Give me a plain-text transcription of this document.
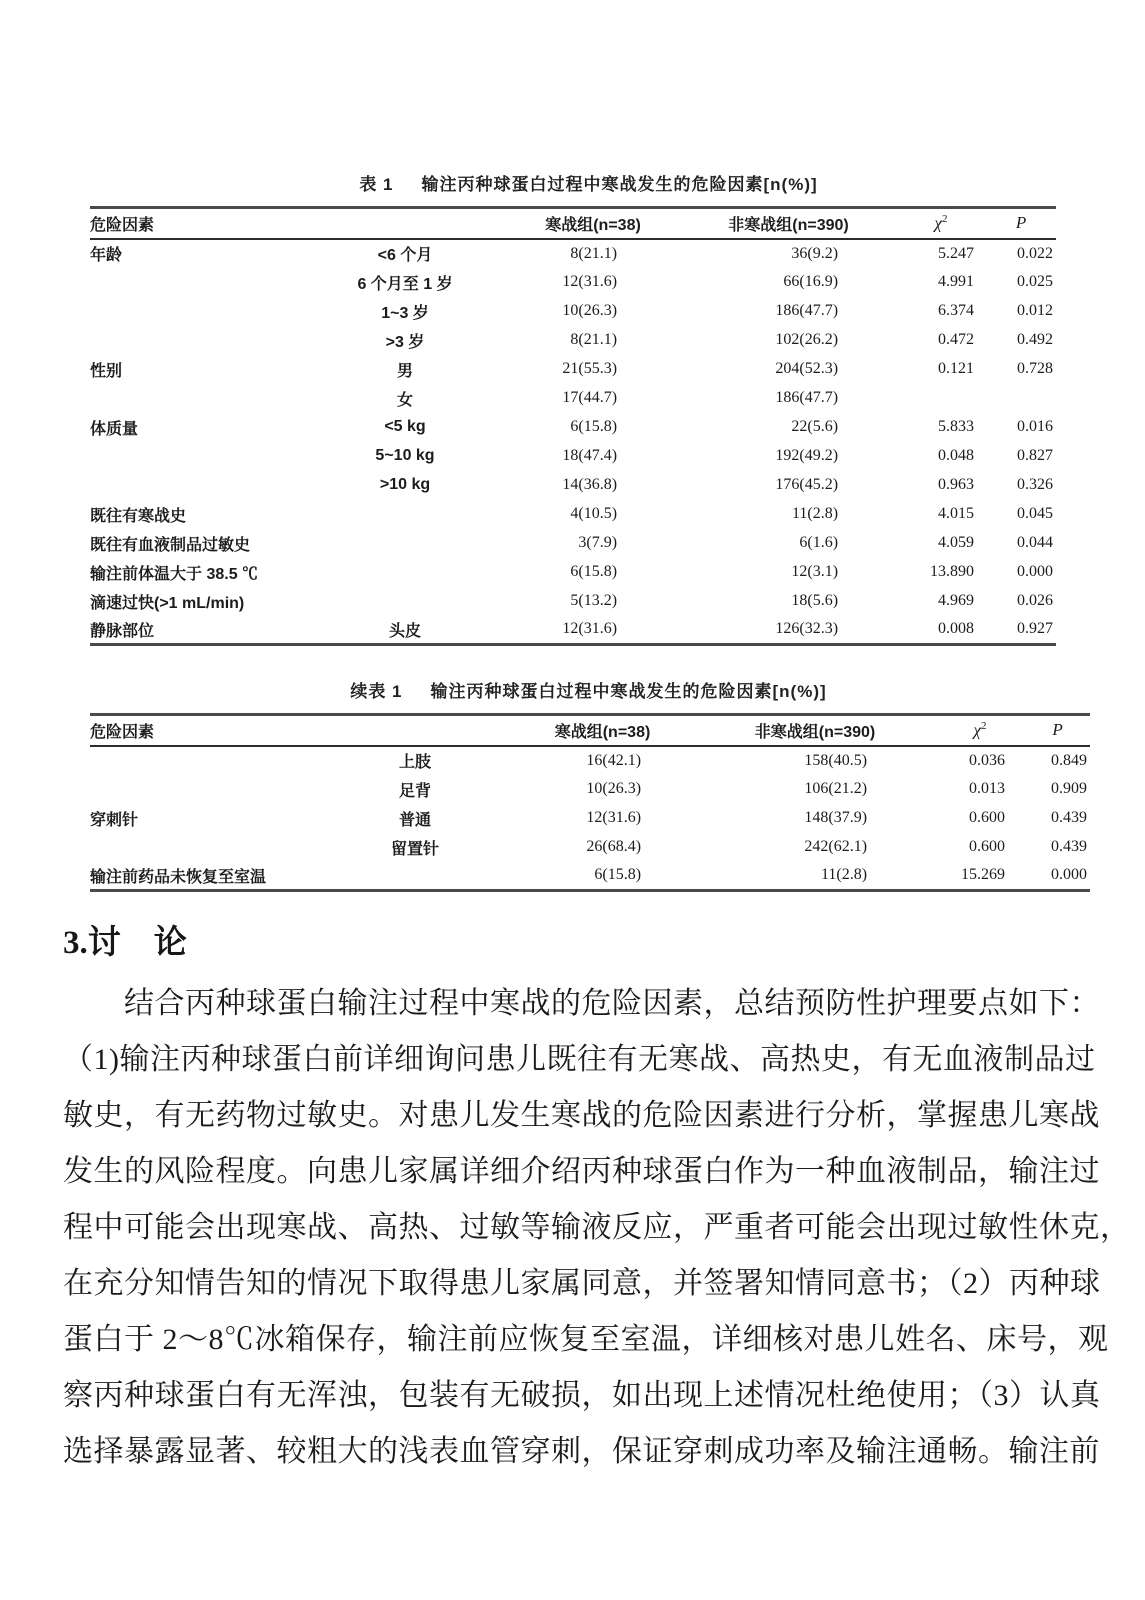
表 1 输注丙种球蛋白过程中寒战发生的危险因素[n(%)]
危险因素		寒战组(n=38)	非寒战组(n=390)	$\chi^2$	P
年龄	<6 个月	8(21.1)	36(9.2)	5.247	0.022
	6 个月至 1 岁	12(31.6)	66(16.9)	4.991	0.025
	1~3 岁	10(26.3)	186(47.7)	6.374	0.012
	>3 岁	8(21.1)	102(26.2)	0.472	0.492
性别	男	21(55.3)	204(52.3)	0.121	0.728
	女	17(44.7)	186(47.7)		
体质量	<5 kg	6(15.8)	22(5.6)	5.833	0.016
	5~10 kg	18(47.4)	192(49.2)	0.048	0.827
	>10 kg	14(36.8)	176(45.2)	0.963	0.326
既往有寒战史		4(10.5)	11(2.8)	4.015	0.045
既往有血液制品过敏史		3(7.9)	6(1.6)	4.059	0.044
输注前体温大于 38.5 ℃		6(15.8)	12(3.1)	13.890	0.000
滴速过快(>1 mL/min)		5(13.2)	18(5.6)	4.969	0.026
静脉部位	头皮	12(31.6)	126(32.3)	0.008	0.927
续表 1 输注丙种球蛋白过程中寒战发生的危险因素[n(%)]
危险因素		寒战组(n=38)	非寒战组(n=390)	$\chi^2$	P
	上肢	16(42.1)	158(40.5)	0.036	0.849
	足背	10(26.3)	106(21.2)	0.013	0.909
穿刺针	普通	12(31.6)	148(37.9)	0.600	0.439
	留置针	26(68.4)	242(62.1)	0.600	0.439
输注前药品未恢复至室温		6(15.8)	11(2.8)	15.269	0.000
3.讨　论
结合丙种球蛋白输注过程中寒战的危险因素，总结预防性护理要点如下：
（1)输注丙种球蛋白前详细询问患儿既往有无寒战、高热史，有无血液制品过
敏史，有无药物过敏史。对患儿发生寒战的危险因素进行分析，掌握患儿寒战
发生的风险程度。向患儿家属详细介绍丙种球蛋白作为一种血液制品，输注过
程中可能会出现寒战、高热、过敏等输液反应，严重者可能会出现过敏性休克，
在充分知情告知的情况下取得患儿家属同意，并签署知情同意书；（2）丙种球
蛋白于 2～8℃冰箱保存，输注前应恢复至室温，详细核对患儿姓名、床号，观
察丙种球蛋白有无浑浊，包装有无破损，如出现上述情况杜绝使用；（3）认真
选择暴露显著、较粗大的浅表血管穿刺，保证穿刺成功率及输注通畅。输注前
